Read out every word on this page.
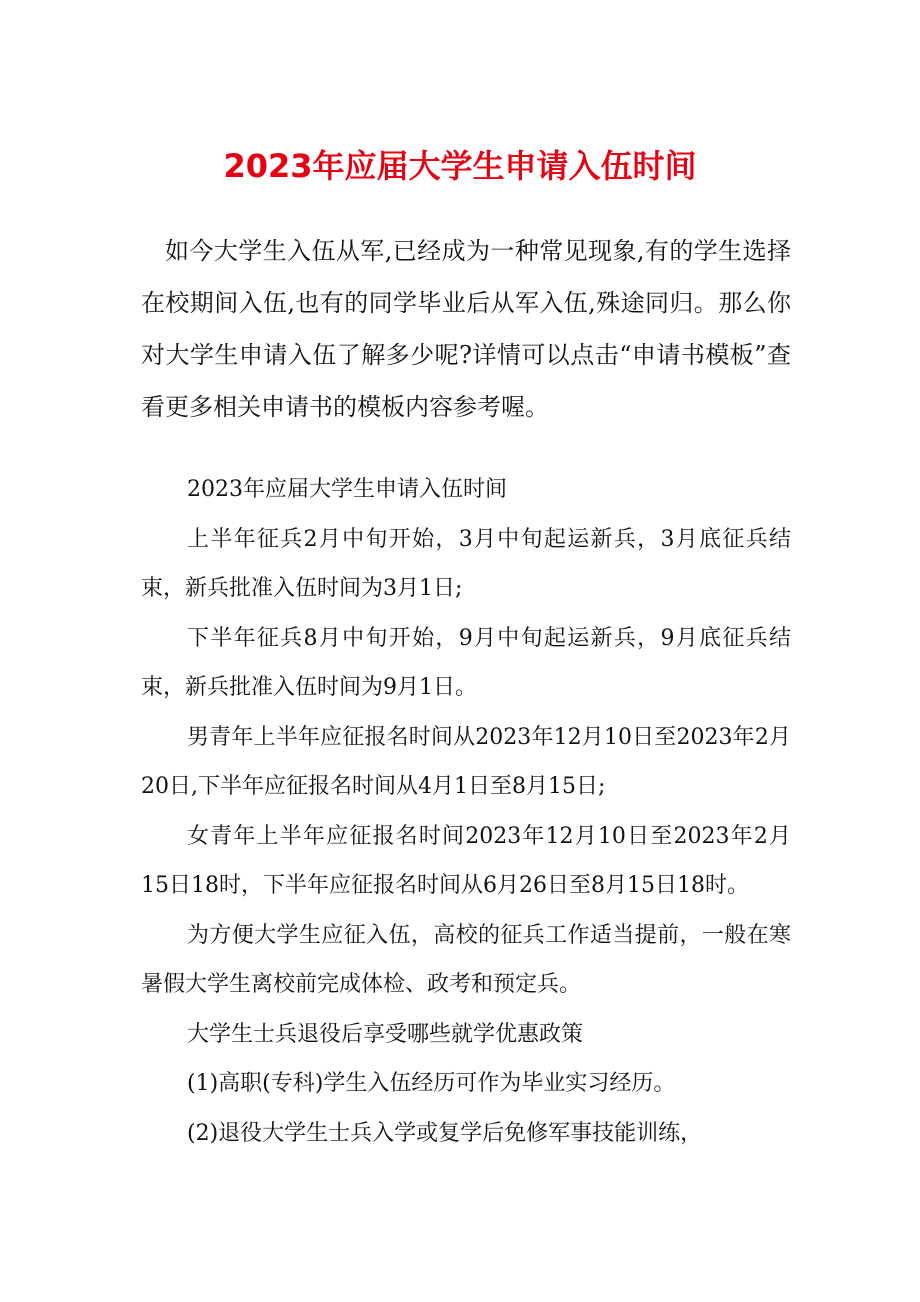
2023年应届大学生申请入伍时间

如今大学生入伍从军,已经成为一种常见现象,有的学生选择在校期间入伍,也有的同学毕业后从军入伍,殊途同归。那么你对大学生申请入伍了解多少呢?详情可以点击“申请书模板”查看更多相关申请书的模板内容参考喔。

2023年应届大学生申请入伍时间

上半年征兵2月中旬开始，3月中旬起运新兵，3月底征兵结束，新兵批准入伍时间为3月1日;

下半年征兵8月中旬开始，9月中旬起运新兵，9月底征兵结束，新兵批准入伍时间为9月1日。

男青年上半年应征报名时间从2023年12月10日至2023年2月20日,下半年应征报名时间从4月1日至8月15日;

女青年上半年应征报名时间2023年12月10日至2023年2月15日18时，下半年应征报名时间从6月26日至8月15日18时。

为方便大学生应征入伍，高校的征兵工作适当提前，一般在寒暑假大学生离校前完成体检、政考和预定兵。

大学生士兵退役后享受哪些就学优惠政策

(1)高职(专科)学生入伍经历可作为毕业实习经历。

(2)退役大学生士兵入学或复学后免修军事技能训练，
